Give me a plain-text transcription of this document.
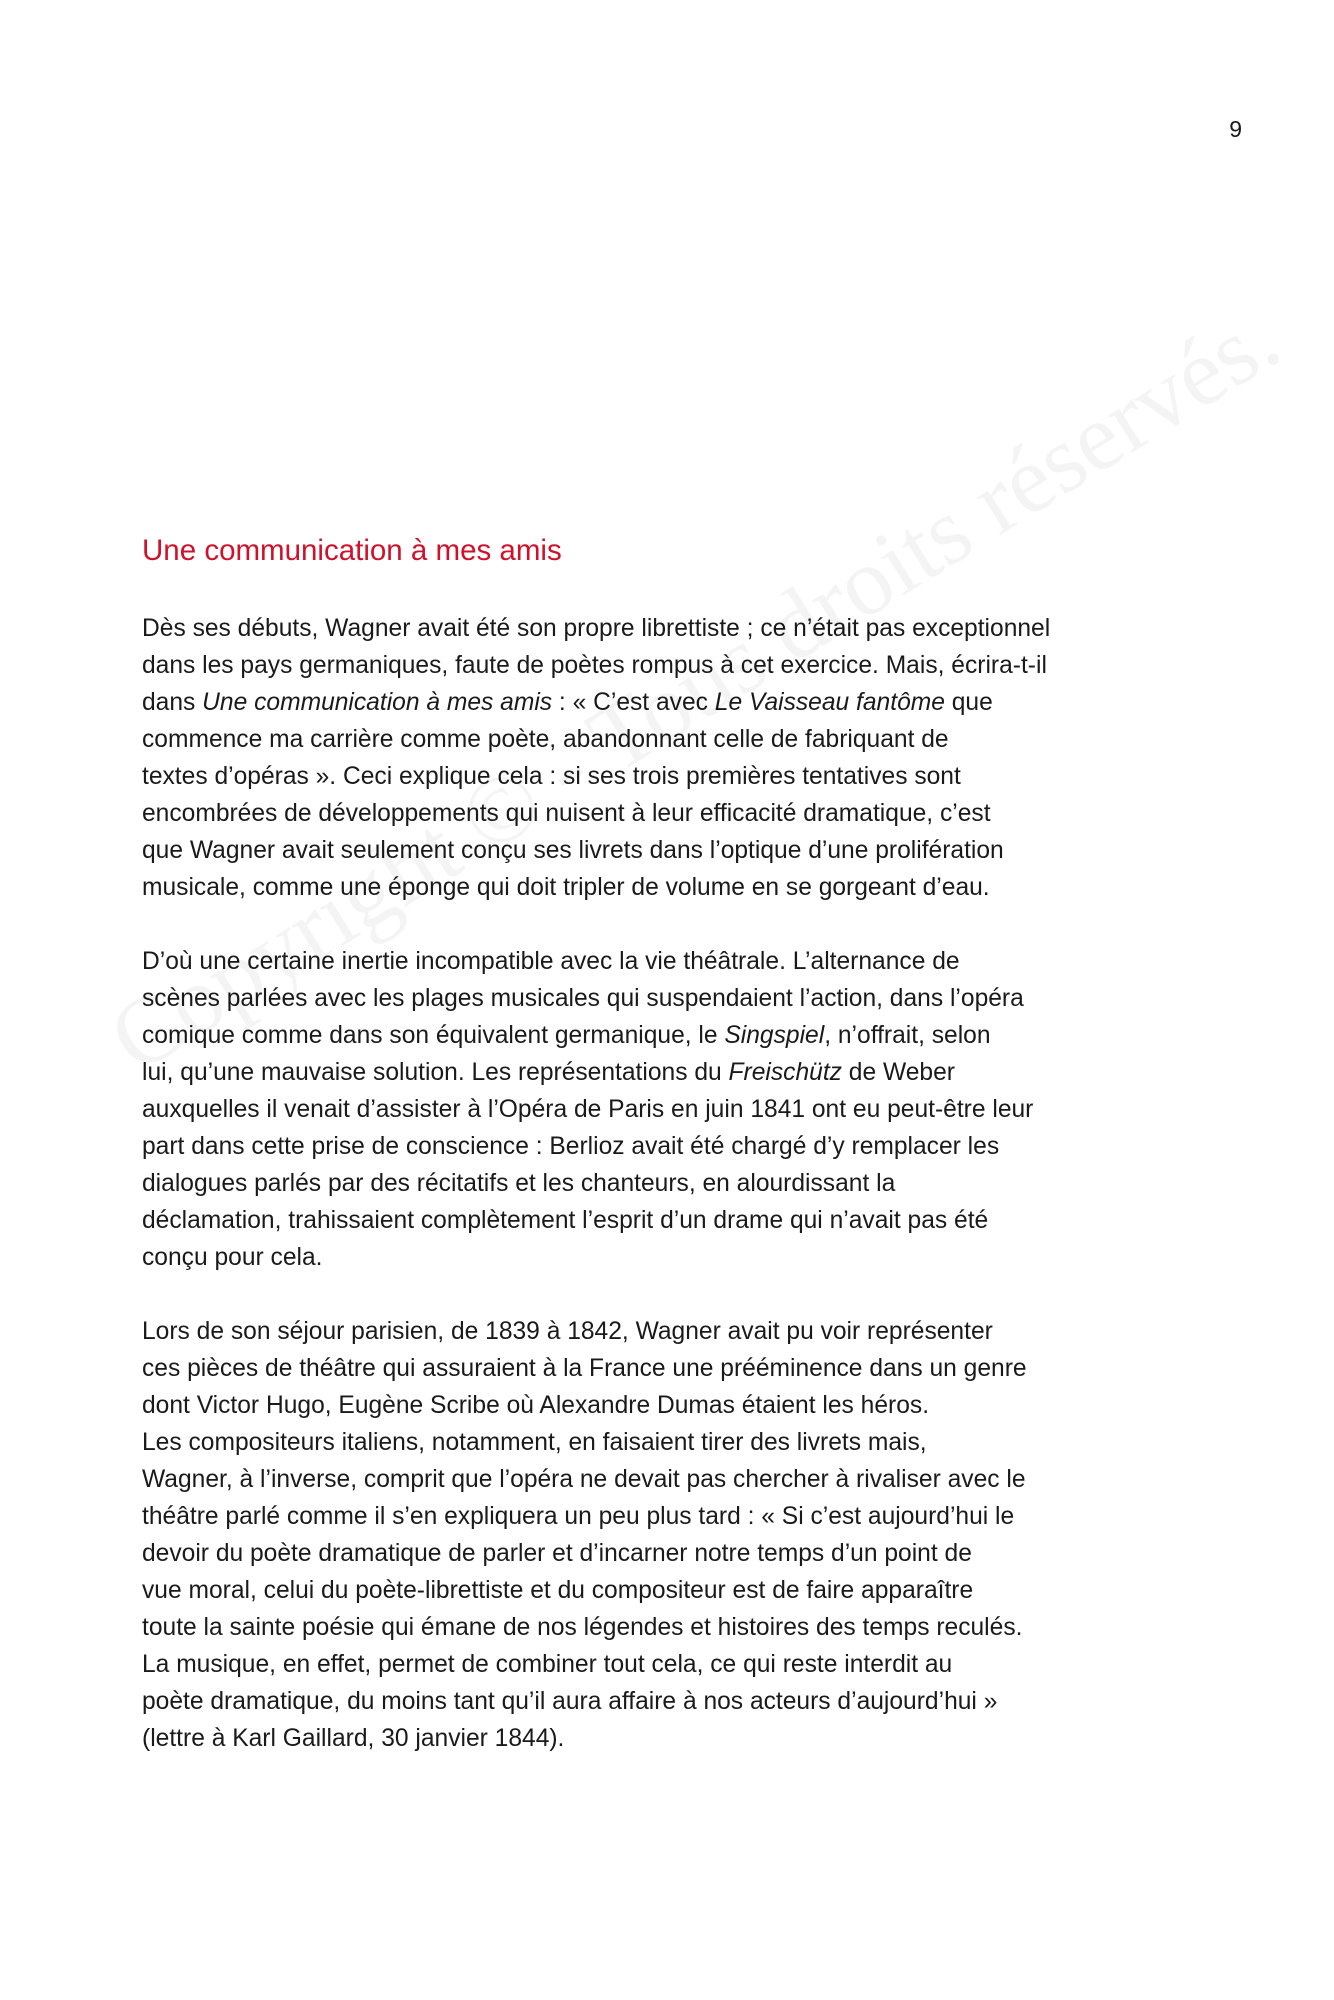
9
Une communication à mes amis

Dès ses débuts, Wagner avait été son propre librettiste ; ce n’était pas exceptionnel
dans les pays germaniques, faute de poètes rompus à cet exercice. Mais, écrira-t-il
dans Une communication à mes amis : « C’est avec Le Vaisseau fantôme que
commence ma carrière comme poète, abandonnant celle de fabriquant de
textes d’opéras ». Ceci explique cela : si ses trois premières tentatives sont
encombrées de développements qui nuisent à leur efficacité dramatique, c’est
que Wagner avait seulement conçu ses livrets dans l’optique d’une prolifération
musicale, comme une éponge qui doit tripler de volume en se gorgeant d’eau.

D’où une certaine inertie incompatible avec la vie théâtrale. L’alternance de
scènes parlées avec les plages musicales qui suspendaient l’action, dans l’opéra
comique comme dans son équivalent germanique, le Singspiel, n’offrait, selon
lui, qu’une mauvaise solution. Les représentations du Freischütz de Weber
auxquelles il venait d’assister à l’Opéra de Paris en juin 1841 ont eu peut-être leur
part dans cette prise de conscience : Berlioz avait été chargé d’y remplacer les
dialogues parlés par des récitatifs et les chanteurs, en alourdissant la
déclamation, trahissaient complètement l’esprit d’un drame qui n’avait pas été
conçu pour cela.

Lors de son séjour parisien, de 1839 à 1842, Wagner avait pu voir représenter
ces pièces de théâtre qui assuraient à la France une prééminence dans un genre
dont Victor Hugo, Eugène Scribe où Alexandre Dumas étaient les héros.
Les compositeurs italiens, notamment, en faisaient tirer des livrets mais,
Wagner, à l’inverse, comprit que l’opéra ne devait pas chercher à rivaliser avec le
théâtre parlé comme il s’en expliquera un peu plus tard : « Si c’est aujourd’hui le
devoir du poète dramatique de parler et d’incarner notre temps d’un point de
vue moral, celui du poète-librettiste et du compositeur est de faire apparaître
toute la sainte poésie qui émane de nos légendes et histoires des temps reculés.
La musique, en effet, permet de combiner tout cela, ce qui reste interdit au
poète dramatique, du moins tant qu’il aura affaire à nos acteurs d’aujourd’hui »
(lettre à Karl Gaillard, 30 janvier 1844).
